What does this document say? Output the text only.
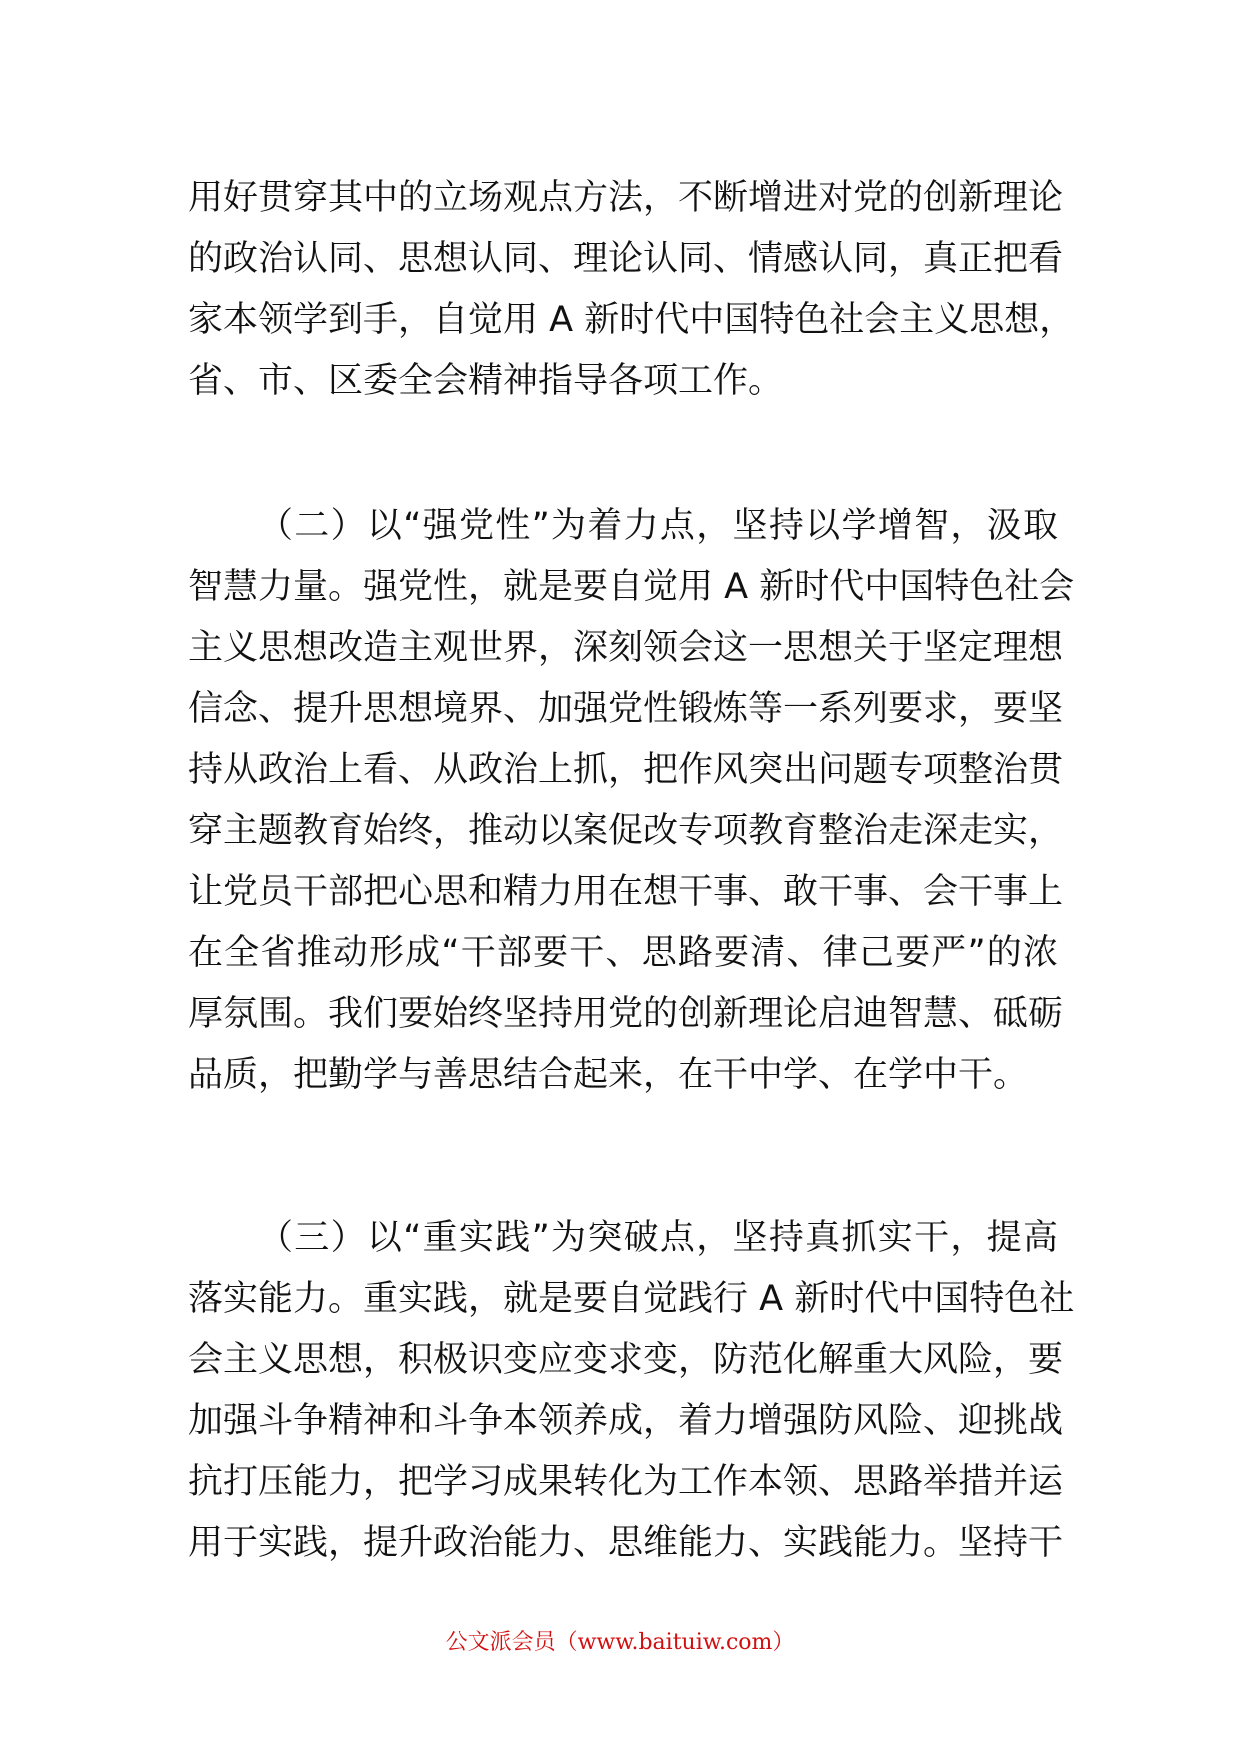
用好贯穿其中的立场观点方法，不断增进对党的创新理论
的政治认同、思想认同、理论认同、情感认同，真正把看
家本领学到手，自觉用 A 新时代中国特色社会主义思想，
省、市、区委全会精神指导各项工作。
（二）以“强党性”为着力点，坚持以学增智，汲取
智慧力量。强党性，就是要自觉用 A 新时代中国特色社会
主义思想改造主观世界，深刻领会这一思想关于坚定理想
信念、提升思想境界、加强党性锻炼等一系列要求，要坚
持从政治上看、从政治上抓，把作风突出问题专项整治贯
穿主题教育始终，推动以案促改专项教育整治走深走实，
让党员干部把心思和精力用在想干事、敢干事、会干事上
在全省推动形成“干部要干、思路要清、律己要严”的浓
厚氛围。我们要始终坚持用党的创新理论启迪智慧、砥砺
品质，把勤学与善思结合起来，在干中学、在学中干。
（三）以“重实践”为突破点，坚持真抓实干，提高
落实能力。重实践，就是要自觉践行 A 新时代中国特色社
会主义思想，积极识变应变求变，防范化解重大风险，要
加强斗争精神和斗争本领养成，着力增强防风险、迎挑战
抗打压能力，把学习成果转化为工作本领、思路举措并运
用于实践，提升政治能力、思维能力、实践能力。坚持干
公文派会员（www.baituiw.com）
